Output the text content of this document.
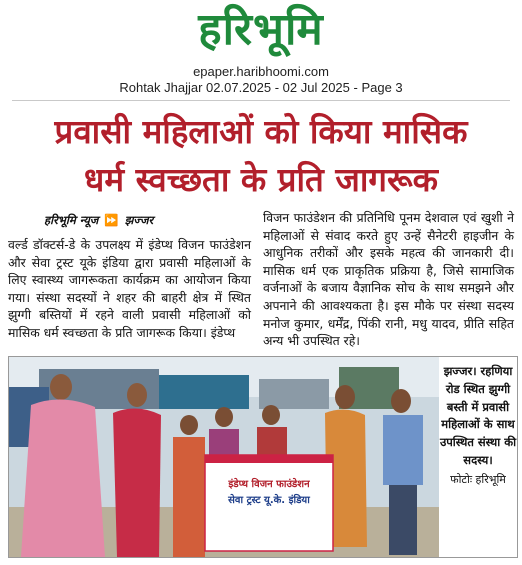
हरिभूमि
epaper.haribhoomi.com
Rohtak Jhajjar 02.07.2025 - 02 Jul 2025 - Page 3
प्रवासी महिलाओं को किया मासिक
धर्म स्वच्छता के प्रति जागरूक
हरिभूमि न्यूज ⏩ झज्जर
वर्ल्ड डॉक्टर्स-डे के उपलक्ष्य में इंडेप्थ विजन फाउंडेशन और सेवा ट्रस्ट यूके इंडिया द्वारा प्रवासी महिलाओं के लिए स्वास्थ्य जागरूकता कार्यक्रम का आयोजन किया गया। संस्था सदस्यों ने शहर की बाहरी क्षेत्र में स्थित झुग्गी बस्तियों में रहने वाली प्रवासी महिलाओं को मासिक धर्म स्वच्छता के प्रति जागरूक किया। इंडेप्थ
विजन फाउंडेशन की प्रतिनिधि पूनम देशवाल एवं खुशी ने महिलाओं से संवाद करते हुए उन्हें सैनेटरी हाइजीन के आधुनिक तरीकों और इसके महत्व की जानकारी दी। मासिक धर्म एक प्राकृतिक प्रक्रिया है, जिसे सामाजिक वर्जनाओं के बजाय वैज्ञानिक सोच के साथ समझने और अपनाने की आवश्यकता है। इस मौके पर संस्था सदस्य मनोज कुमार, धर्मेंद्र, पिंकी रानी, मधु यादव, प्रीति सहित अन्य भी उपस्थित रहे।
इंडेप्थ विजन फाउंडेशन
सेवा ट्रस्ट यू.के. इंडिया
झज्जर। रहणिया रोड स्थित झुग्गी बस्ती में प्रवासी महिलाओं के साथ उपस्थित संस्था की सदस्य।
फोटोः हरिभूमि
